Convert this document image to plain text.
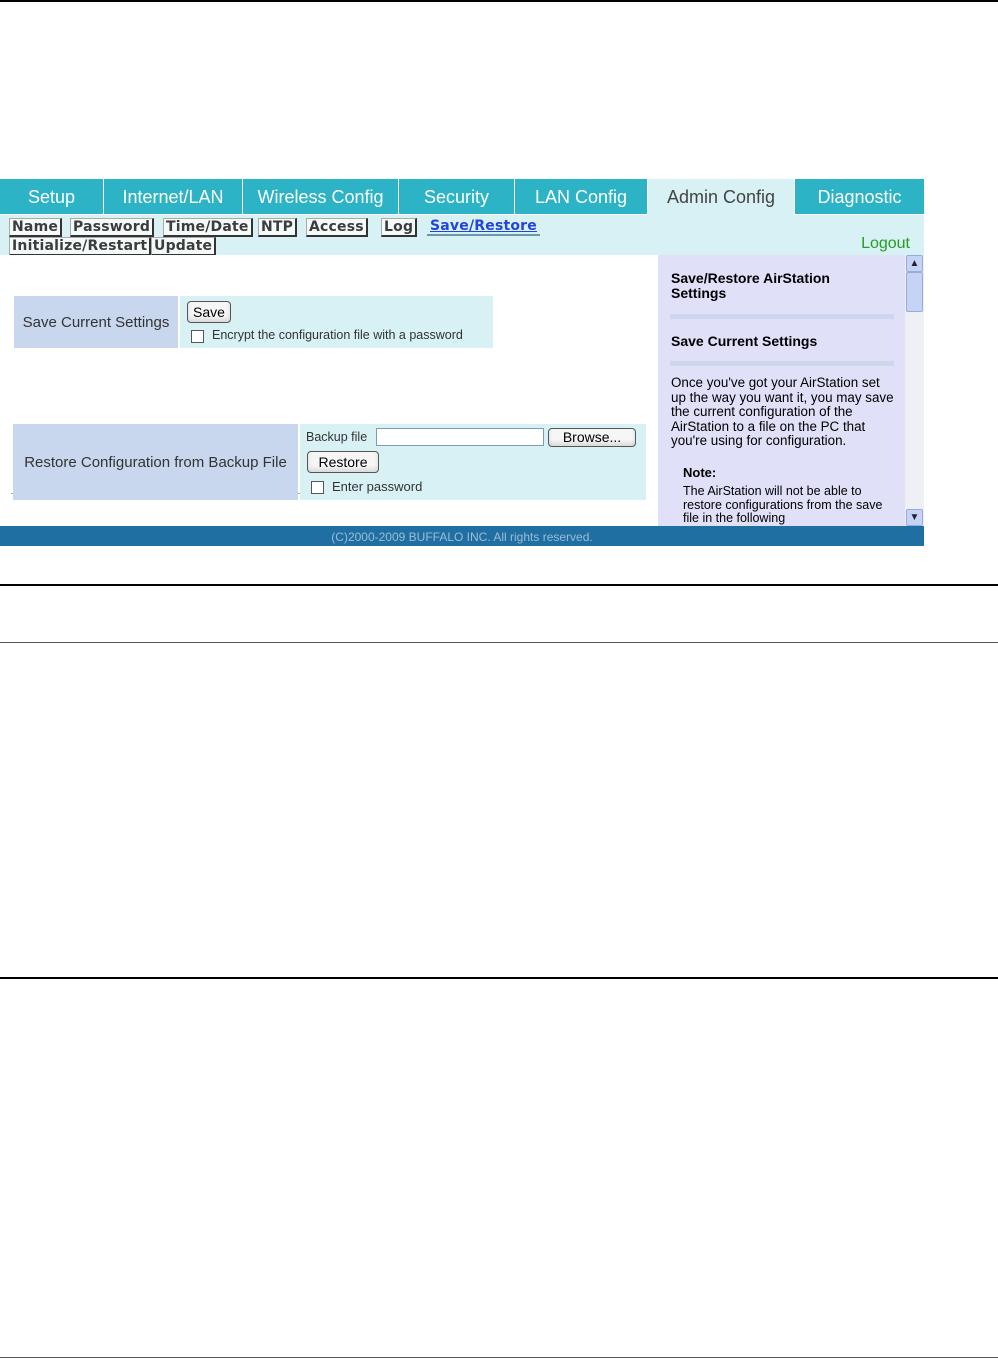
Setup	Internet/LAN	Wireless Config	Security	LAN Config	Admin Config	Diagnostic
Name Password Time/Date NTP Access Log Save/Restore
Initialize/Restart Update	Logout
Save Current Settings
Save
Encrypt the configuration file with a password
Restore Configuration from Backup File
Backup file	Browse...
Restore
Enter password
Save/Restore AirStation Settings
Save Current Settings
Once you've got your AirStation set up the way you want it, you may save the current configuration of the AirStation to a file on the PC that you're using for configuration.
Note:
The AirStation will not be able to restore configurations from the save file in the following
▲
▼
(C)2000-2009 BUFFALO INC. All rights reserved.
